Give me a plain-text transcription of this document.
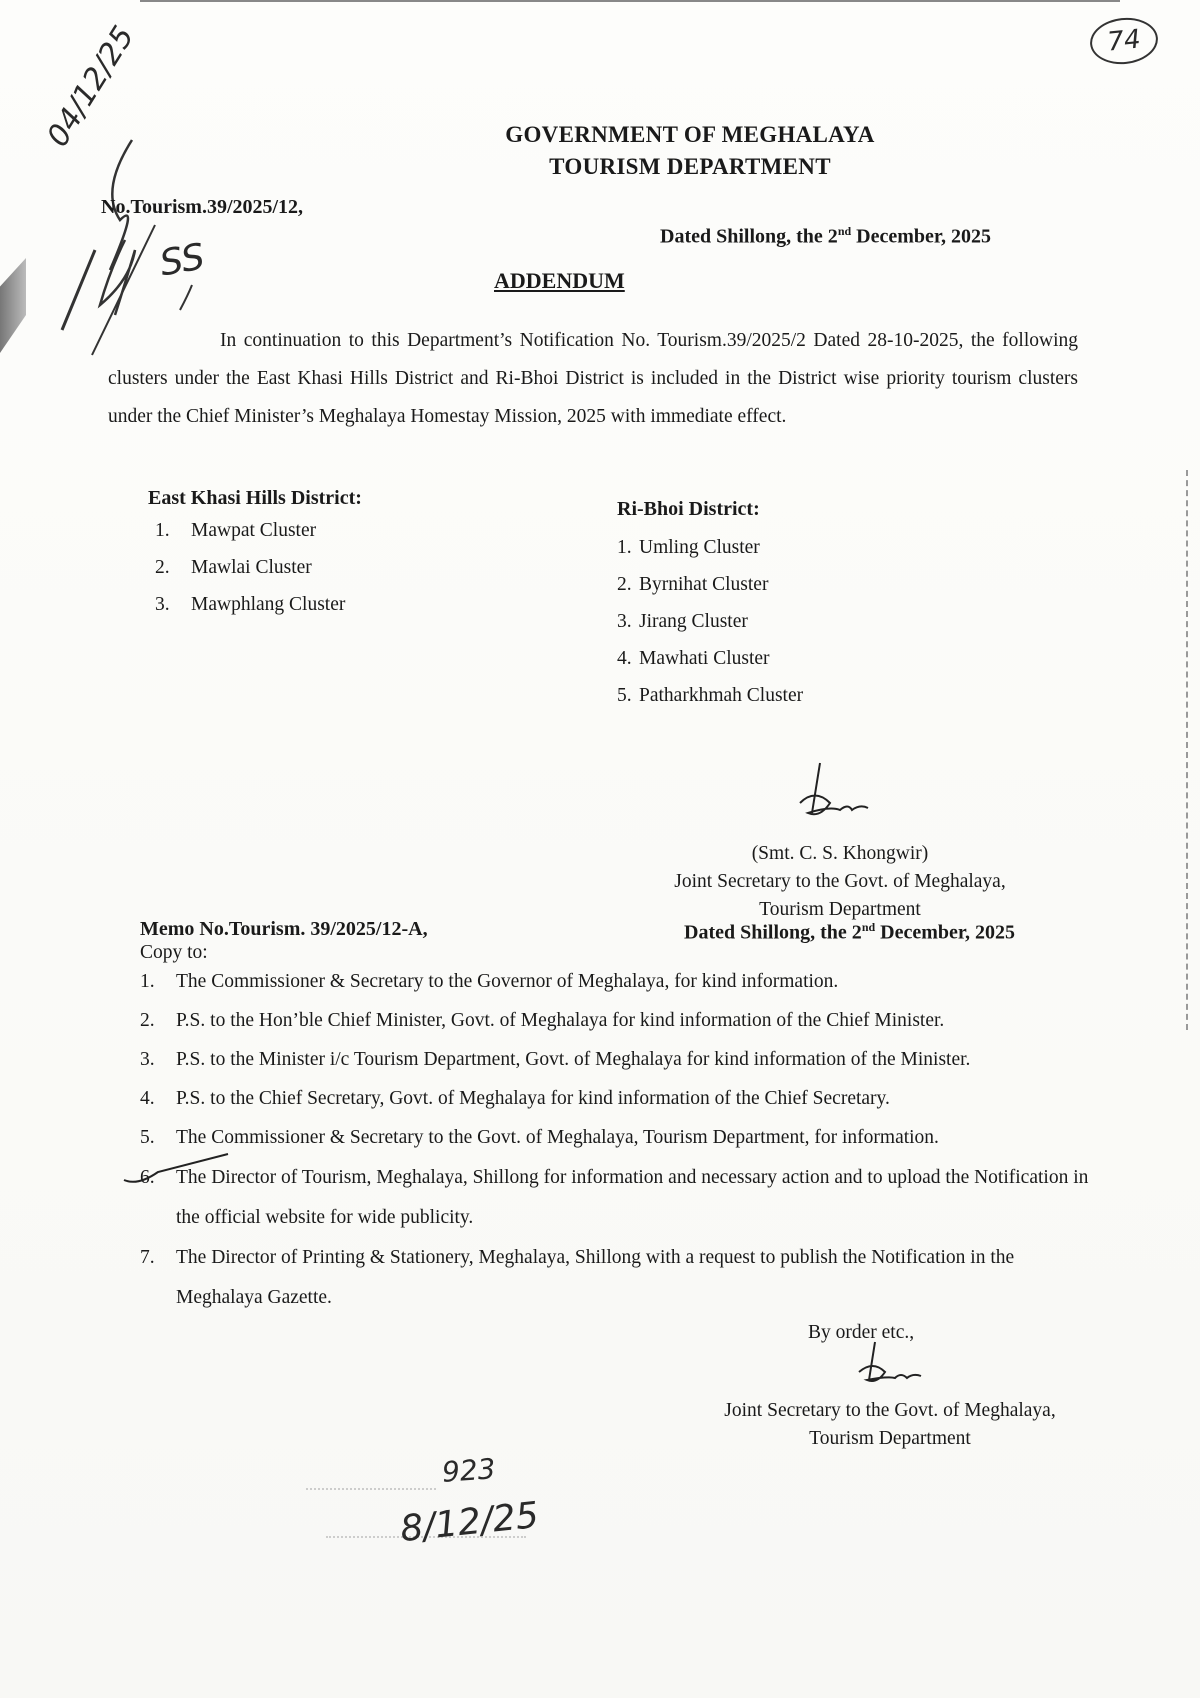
74
04/12/25
SS
GOVERNMENT OF MEGHALAYA
TOURISM DEPARTMENT
No.Tourism.39/2025/12,
Dated Shillong, the 2nd December, 2025
ADDENDUM
In continuation to this Department’s Notification No. Tourism.39/2025/2 Dated 28-10-2025, the following clusters under the East Khasi Hills District and Ri-Bhoi District is included in the District wise priority tourism clusters under the Chief Minister’s Meghalaya Homestay Mission, 2025 with immediate effect.
East Khasi Hills District:
1. Mawpat Cluster
2. Mawlai Cluster
3. Mawphlang Cluster
Ri-Bhoi District:
1. Umling Cluster
2. Byrnihat Cluster
3. Jirang Cluster
4. Mawhati Cluster
5. Patharkhmah Cluster
(Smt. C. S. Khongwir)
Joint Secretary to the Govt. of Meghalaya,
Tourism Department
Memo No.Tourism. 39/2025/12-A,	Dated Shillong, the 2nd December, 2025
Copy to:
1. The Commissioner & Secretary to the Governor of Meghalaya, for kind information.
2. P.S. to the Hon’ble Chief Minister, Govt. of Meghalaya for kind information of the Chief Minister.
3. P.S. to the Minister i/c Tourism Department, Govt. of Meghalaya for kind information of the Minister.
4. P.S. to the Chief Secretary, Govt. of Meghalaya for kind information of the Chief Secretary.
5. The Commissioner & Secretary to the Govt. of Meghalaya, Tourism Department, for information.
6. The Director of Tourism, Meghalaya, Shillong for information and necessary action and to upload the Notification in the official website for wide publicity.
7. The Director of Printing & Stationery, Meghalaya, Shillong with a request to publish the Notification in the Meghalaya Gazette.
By order etc.,
Joint Secretary to the Govt. of Meghalaya,
Tourism Department
923
8/12/25
